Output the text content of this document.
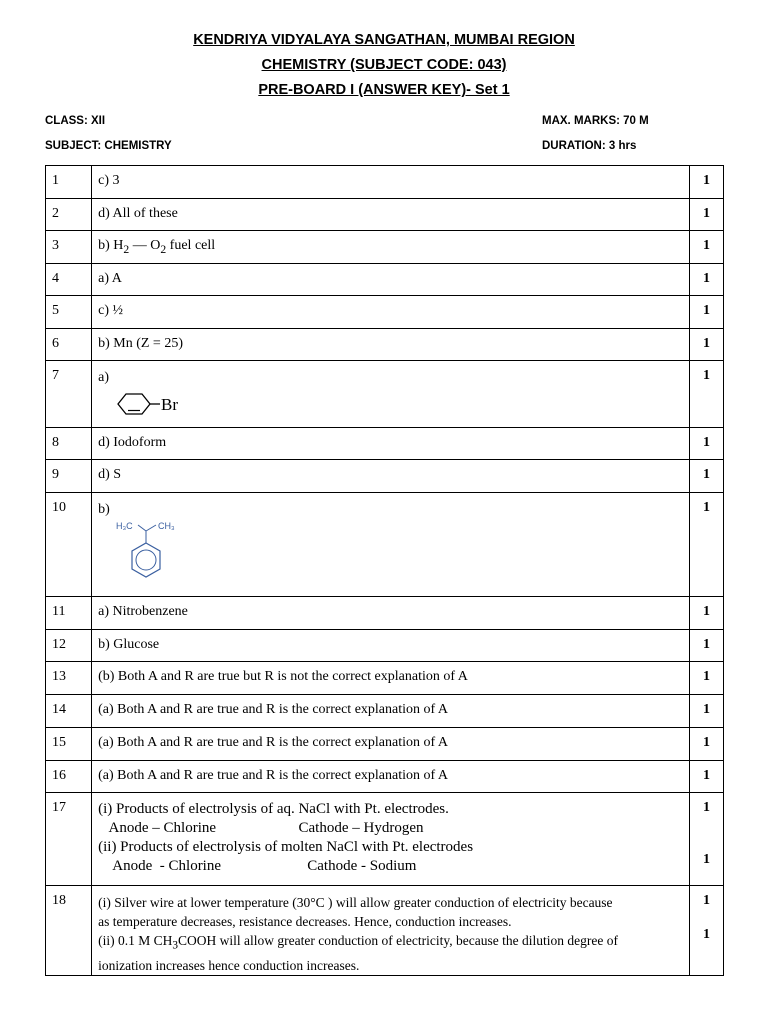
KENDRIYA VIDYALAYA SANGATHAN, MUMBAI REGION
CHEMISTRY (SUBJECT CODE: 043)
PRE-BOARD I (ANSWER KEY)- Set 1
CLASS: XII	MAX. MARKS: 70 M
SUBJECT: CHEMISTRY	DURATION: 3 hrs
1	c) 3	1
2	d) All of these	1
3	b) $H_2$ — $O_2$ fuel cell	1
4	a) A	1
5	c) ½	1
6	b) Mn (Z = 25)	1
7	a)
Br	1
8	d) Iodoform	1
9	d) S	1
10	b)
H₃C CH₃	1
11	a) Nitrobenzene	1
12	b) Glucose	1
13	(b) Both A and R are true but R is not the correct explanation of A	1
14	(a) Both A and R are true and R is the correct explanation of A	1
15	(a) Both A and R are true and R is the correct explanation of A	1
16	(a) Both A and R are true and R is the correct explanation of A	1
17	(i) Products of electrolysis of aq. NaCl with Pt. electrodes.
Anode – Chlorine                      Cathode – Hydrogen
(ii) Products of electrolysis of molten NaCl with Pt. electrodes
Anode  - Chlorine                       Cathode - Sodium	1
1

18	(i) Silver wire at lower temperature (30°C ) will allow greater conduction of electricity because
as temperature decreases, resistance decreases. Hence, conduction increases.
(ii) 0.1 M $CH_3COOH$ will allow greater conduction of electricity, because the dilution degree of
ionization increases hence conduction increases.	1
1
